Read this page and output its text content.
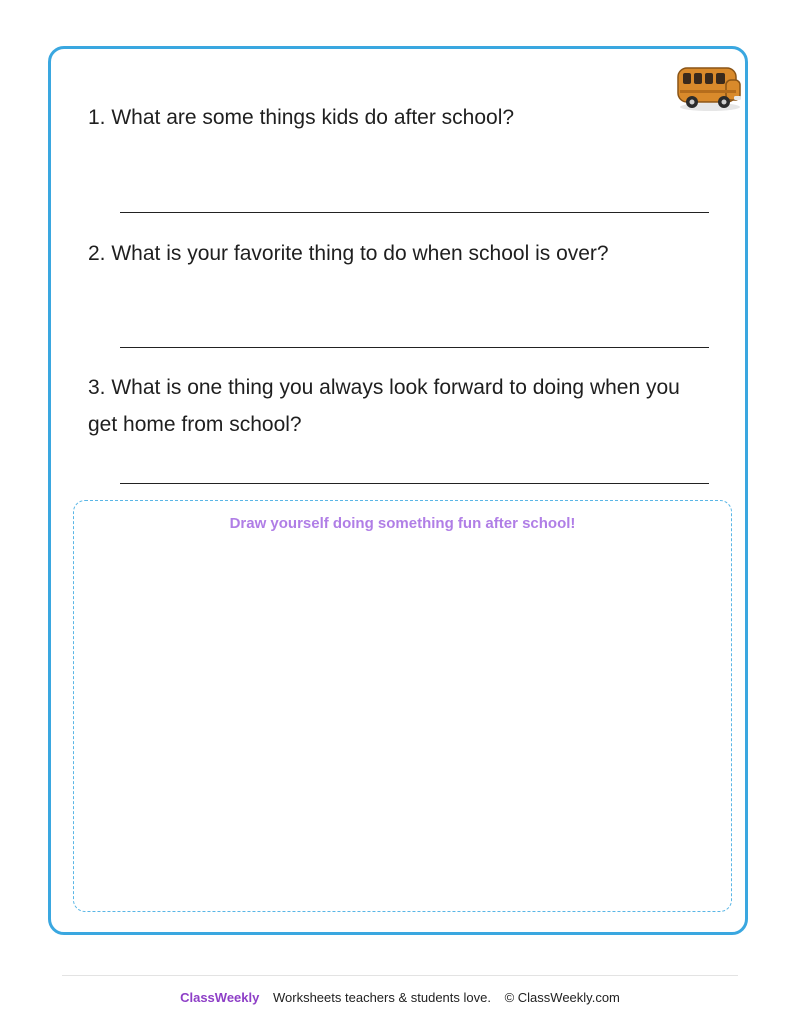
1. What are some things kids do after school?
2. What is your favorite thing to do when school is over?
3. What is one thing you always look forward to doing when you get home from school?
Draw yourself doing something fun after school!
ClassWeekly Worksheets teachers & students love. © ClassWeekly.com
